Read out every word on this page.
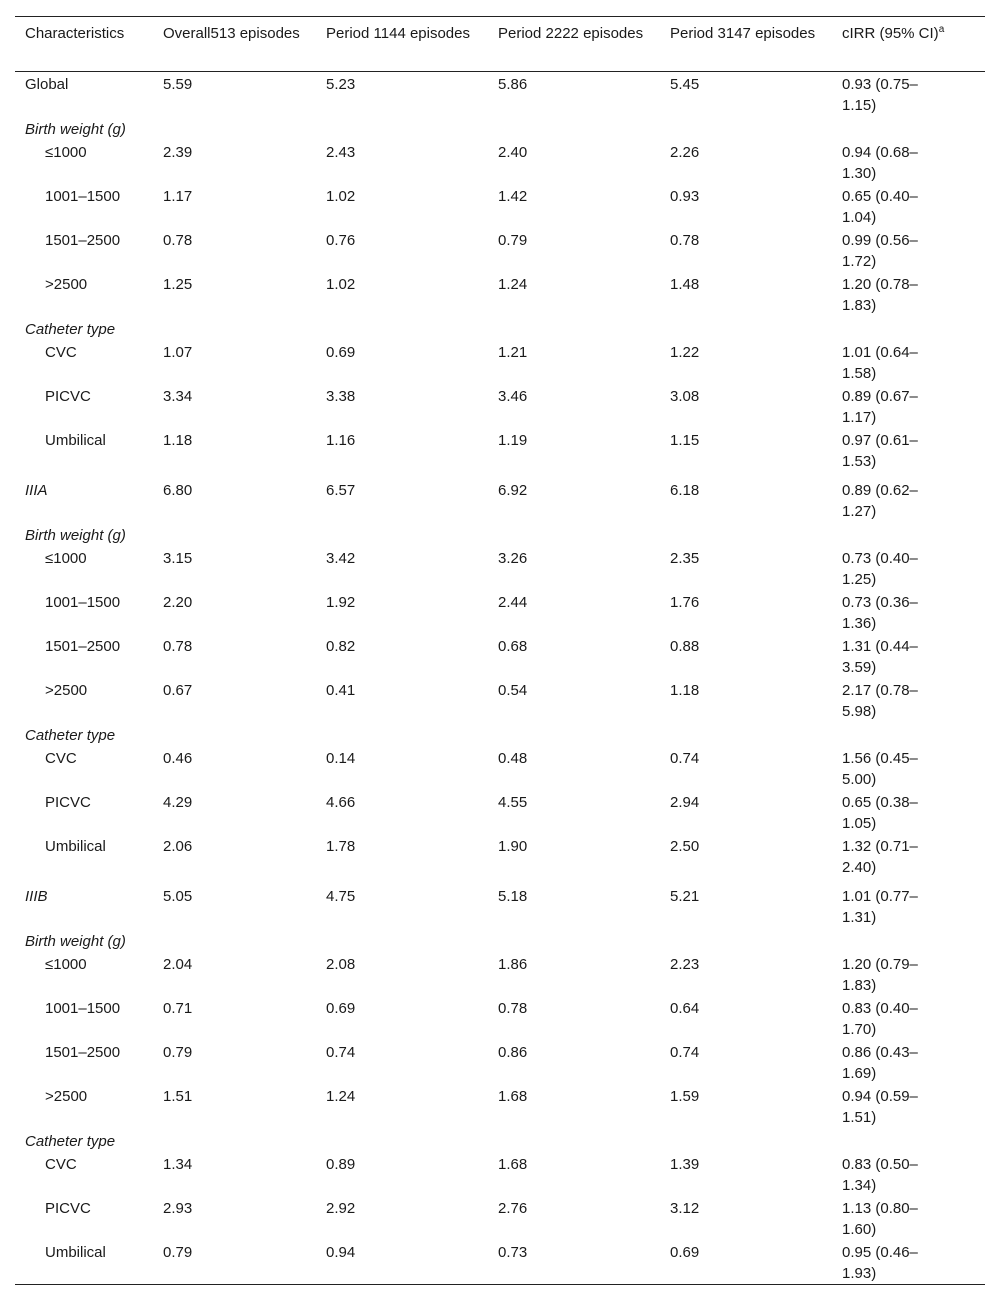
Characteristics	Overall513 episodes	Period 1144 episodes	Period 2222 episodes	Period 3147 episodes	cIRR (95% CI)$^a$
Global	5.59	5.23	5.86	5.45	0.93 (0.75–1.15)
Birth weight (g)					
≤1000	2.39	2.43	2.40	2.26	0.94 (0.68–1.30)
1001–1500	1.17	1.02	1.42	0.93	0.65 (0.40–1.04)
1501–2500	0.78	0.76	0.79	0.78	0.99 (0.56–1.72)
>2500	1.25	1.02	1.24	1.48	1.20 (0.78–1.83)
Catheter type					
CVC	1.07	0.69	1.21	1.22	1.01 (0.64–1.58)
PICVC	3.34	3.38	3.46	3.08	0.89 (0.67–1.17)
Umbilical	1.18	1.16	1.19	1.15	0.97 (0.61–1.53)
IIIA	6.80	6.57	6.92	6.18	0.89 (0.62–1.27)
Birth weight (g)					
≤1000	3.15	3.42	3.26	2.35	0.73 (0.40–1.25)
1001–1500	2.20	1.92	2.44	1.76	0.73 (0.36–1.36)
1501–2500	0.78	0.82	0.68	0.88	1.31 (0.44–3.59)
>2500	0.67	0.41	0.54	1.18	2.17 (0.78–5.98)
Catheter type					
CVC	0.46	0.14	0.48	0.74	1.56 (0.45–5.00)
PICVC	4.29	4.66	4.55	2.94	0.65 (0.38–1.05)
Umbilical	2.06	1.78	1.90	2.50	1.32 (0.71–2.40)
IIIB	5.05	4.75	5.18	5.21	1.01 (0.77–1.31)
Birth weight (g)					
≤1000	2.04	2.08	1.86	2.23	1.20 (0.79–1.83)
1001–1500	0.71	0.69	0.78	0.64	0.83 (0.40–1.70)
1501–2500	0.79	0.74	0.86	0.74	0.86 (0.43–1.69)
>2500	1.51	1.24	1.68	1.59	0.94 (0.59–1.51)
Catheter type					
CVC	1.34	0.89	1.68	1.39	0.83 (0.50–1.34)
PICVC	2.93	2.92	2.76	3.12	1.13 (0.80–1.60)
Umbilical	0.79	0.94	0.73	0.69	0.95 (0.46–1.93)
